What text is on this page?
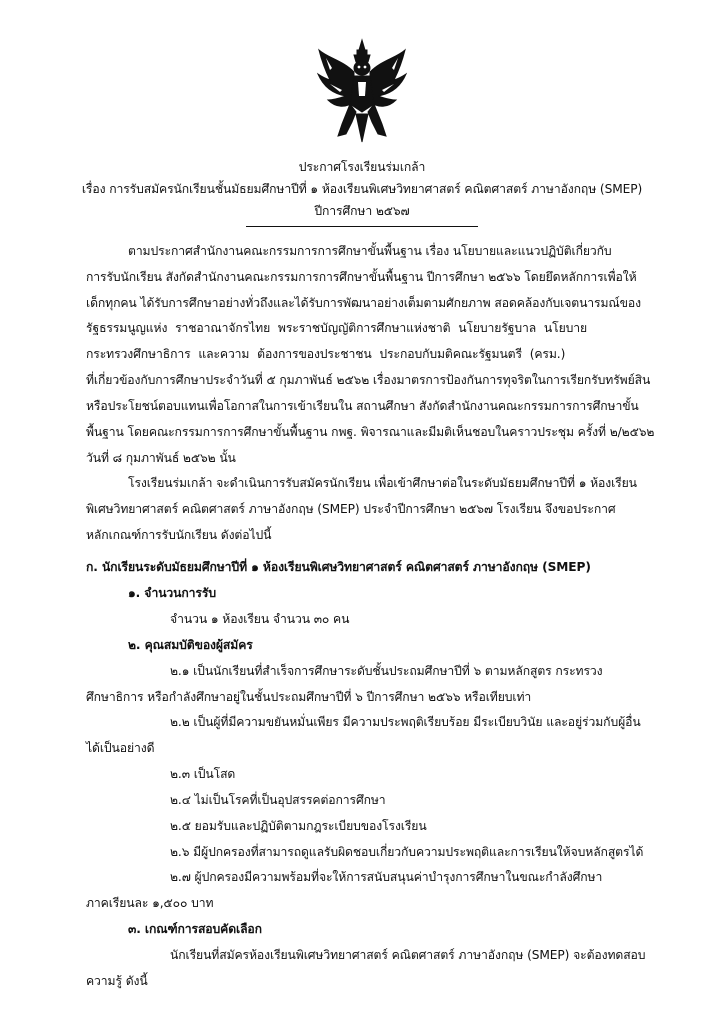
ประกาศโรงเรียนร่มเกล้า
เรื่อง การรับสมัครนักเรียนชั้นมัธยมศึกษาปีที่ ๑ ห้องเรียนพิเศษวิทยาศาสตร์ คณิตศาสตร์ ภาษาอังกฤษ (SMEP)
ปีการศึกษา ๒๕๖๗
ตามประกาศสำนักงานคณะกรรมการการศึกษาขั้นพื้นฐาน เรื่อง นโยบายและแนวปฏิบัติเกี่ยวกับ
การรับนักเรียน สังกัดสำนักงานคณะกรรมการการศึกษาขั้นพื้นฐาน ปีการศึกษา ๒๕๖๖ โดยยึดหลักการเพื่อให้
เด็กทุกคน ได้รับการศึกษาอย่างทั่วถึงและได้รับการพัฒนาอย่างเต็มตามศักยภาพ สอดคล้องกับเจตนารมณ์ของ
รัฐธรรมนูญแห่ง ราชอาณาจักรไทย พระราชบัญญัติการศึกษาแห่งชาติ นโยบายรัฐบาล นโยบาย
กระทรวงศึกษาธิการ และความ ต้องการของประชาชน ประกอบกับมติคณะรัฐมนตรี (ครม.)
ที่เกี่ยวข้องกับการศึกษาประจำวันที่ ๕ กุมภาพันธ์ ๒๕๖๒ เรื่องมาตรการป้องกันการทุจริตในการเรียกรับทรัพย์สิน
หรือประโยชน์ตอบแทนเพื่อโอกาสในการเข้าเรียนใน สถานศึกษา สังกัดสำนักงานคณะกรรมการการศึกษาขั้น
พื้นฐาน โดยคณะกรรมการการศึกษาขั้นพื้นฐาน กพฐ. พิจารณาและมีมติเห็นชอบในคราวประชุม ครั้งที่ ๒/๒๕๖๒
วันที่ ๘ กุมภาพันธ์ ๒๕๖๒ นั้น
โรงเรียนร่มเกล้า จะดำเนินการรับสมัครนักเรียน เพื่อเข้าศึกษาต่อในระดับมัธยมศึกษาปีที่ ๑ ห้องเรียน
พิเศษวิทยาศาสตร์ คณิตศาสตร์ ภาษาอังกฤษ (SMEP) ประจำปีการศึกษา ๒๕๖๗ โรงเรียน จึงขอประกาศ
หลักเกณฑ์การรับนักเรียน ดังต่อไปนี้
ก. นักเรียนระดับมัธยมศึกษาปีที่ ๑ ห้องเรียนพิเศษวิทยาศาสตร์ คณิตศาสตร์ ภาษาอังกฤษ (SMEP)
๑. จำนวนการรับ
จำนวน ๑ ห้องเรียน จำนวน ๓๐ คน
๒. คุณสมบัติของผู้สมัคร
๒.๑ เป็นนักเรียนที่สำเร็จการศึกษาระดับชั้นประถมศึกษาปีที่ ๖ ตามหลักสูตร กระทรวง
ศึกษาธิการ หรือกำลังศึกษาอยู่ในชั้นประถมศึกษาปีที่ ๖ ปีการศึกษา ๒๕๖๖ หรือเทียบเท่า
๒.๒ เป็นผู้ที่มีความขยันหมั่นเพียร มีความประพฤติเรียบร้อย มีระเบียบวินัย และอยู่ร่วมกับผู้อื่น
ได้เป็นอย่างดี
๒.๓ เป็นโสด
๒.๔ ไม่เป็นโรคที่เป็นอุปสรรคต่อการศึกษา
๒.๕ ยอมรับและปฏิบัติตามกฎระเบียบของโรงเรียน
๒.๖ มีผู้ปกครองที่สามารถดูแลรับผิดชอบเกี่ยวกับความประพฤติและการเรียนให้จบหลักสูตรได้
๒.๗ ผู้ปกครองมีความพร้อมที่จะให้การสนับสนุนค่าบำรุงการศึกษาในขณะกำลังศึกษา
ภาคเรียนละ ๑,๕๐๐ บาท
๓. เกณฑ์การสอบคัดเลือก
นักเรียนที่สมัครห้องเรียนพิเศษวิทยาศาสตร์ คณิตศาสตร์ ภาษาอังกฤษ (SMEP) จะต้องทดสอบ
ความรู้ ดังนี้
